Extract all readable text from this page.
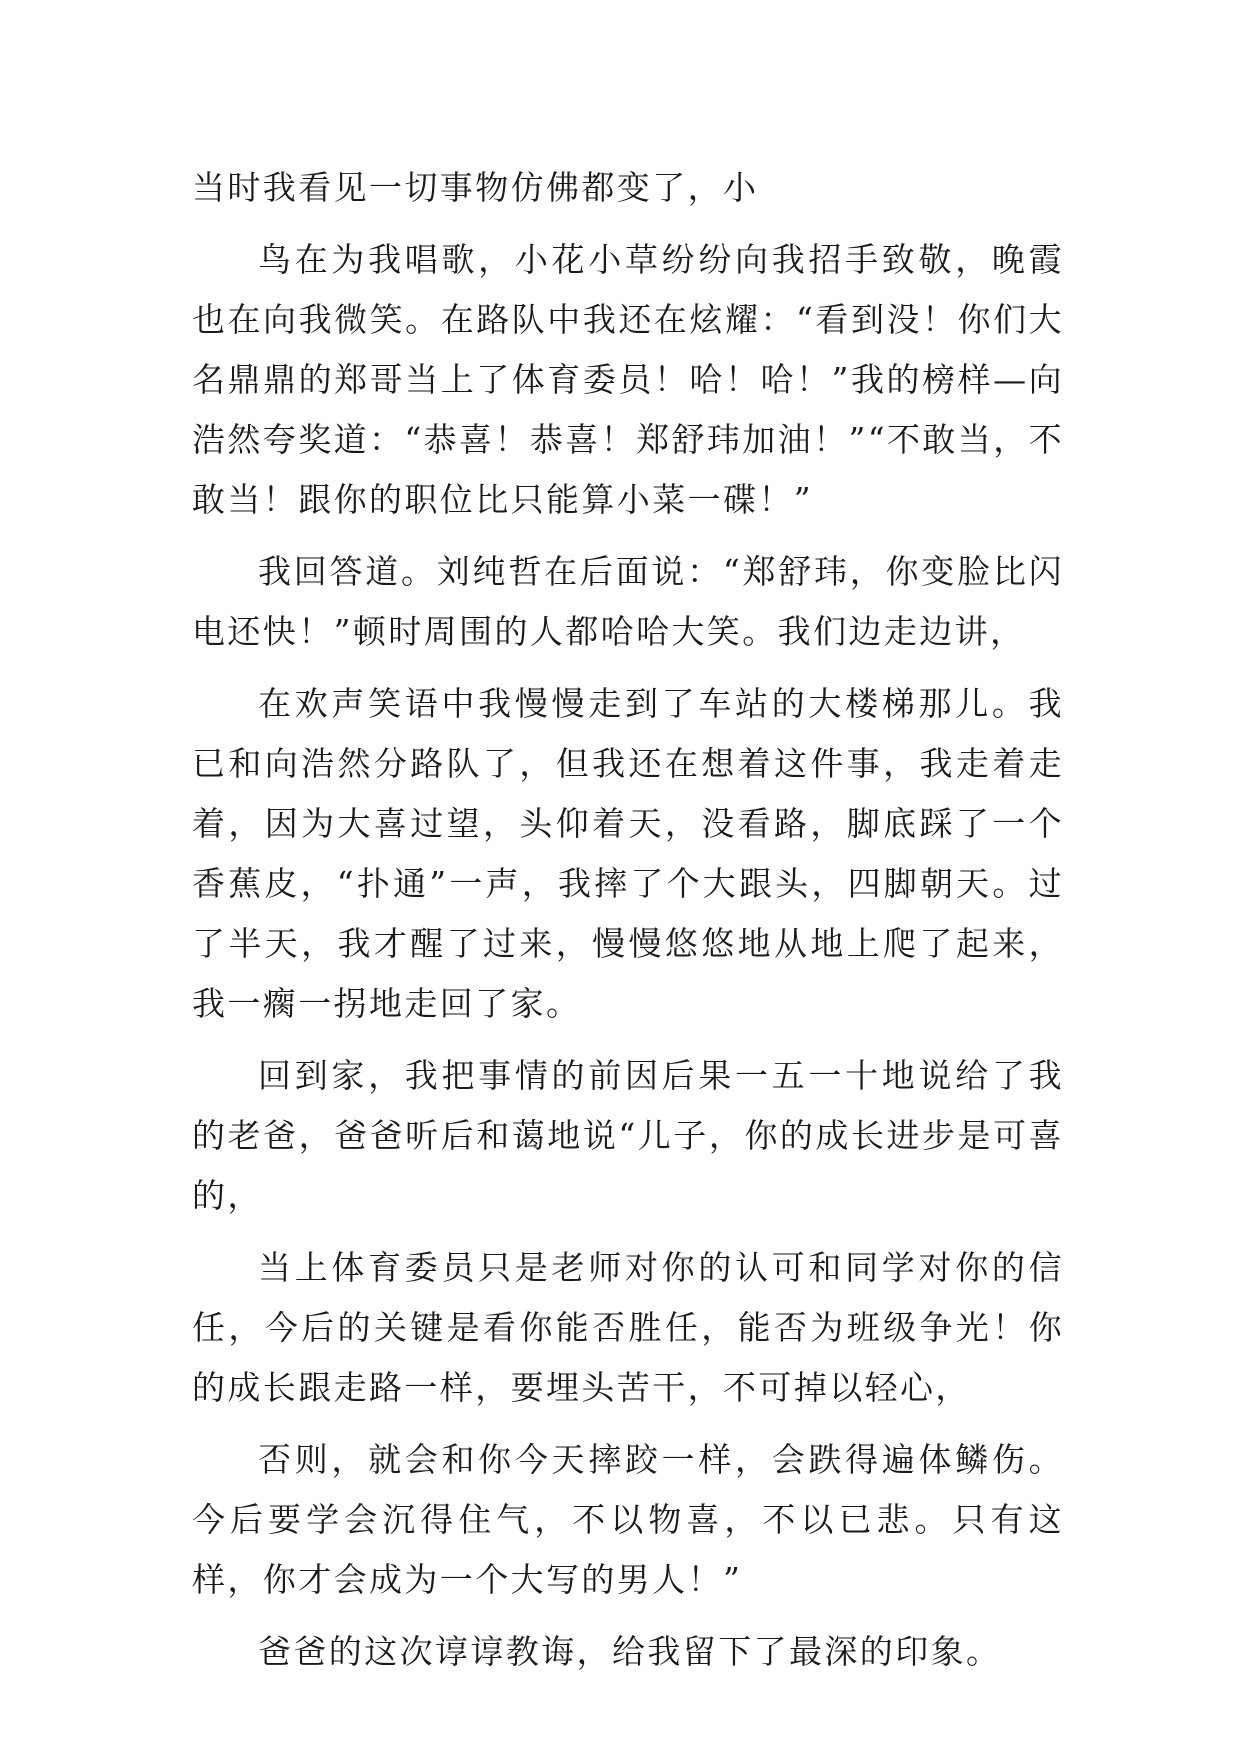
当时我看见一切事物仿佛都变了，小

鸟在为我唱歌，小花小草纷纷向我招手致敬，晚霞也在向我微笑。在路队中我还在炫耀：“看到没！你们大名鼎鼎的郑哥当上了体育委员！哈！哈！”我的榜样—向浩然夸奖道：“恭喜！恭喜！郑舒玮加油！”“不敢当，不敢当！跟你的职位比只能算小菜一碟！”

我回答道。刘纯哲在后面说：“郑舒玮，你变脸比闪电还快！”顿时周围的人都哈哈大笑。我们边走边讲，

在欢声笑语中我慢慢走到了车站的大楼梯那儿。我已和向浩然分路队了，但我还在想着这件事，我走着走着，因为大喜过望，头仰着天，没看路，脚底踩了一个香蕉皮，“扑通”一声，我摔了个大跟头，四脚朝天。过了半天，我才醒了过来，慢慢悠悠地从地上爬了起来，我一瘸一拐地走回了家。

回到家，我把事情的前因后果一五一十地说给了我的老爸，爸爸听后和蔼地说“儿子，你的成长进步是可喜的，

当上体育委员只是老师对你的认可和同学对你的信任，今后的关键是看你能否胜任，能否为班级争光！你的成长跟走路一样，要埋头苦干，不可掉以轻心，

否则，就会和你今天摔跤一样，会跌得遍体鳞伤。今后要学会沉得住气，不以物喜，不以已悲。只有这样，你才会成为一个大写的男人！”

爸爸的这次谆谆教诲，给我留下了最深的印象。
